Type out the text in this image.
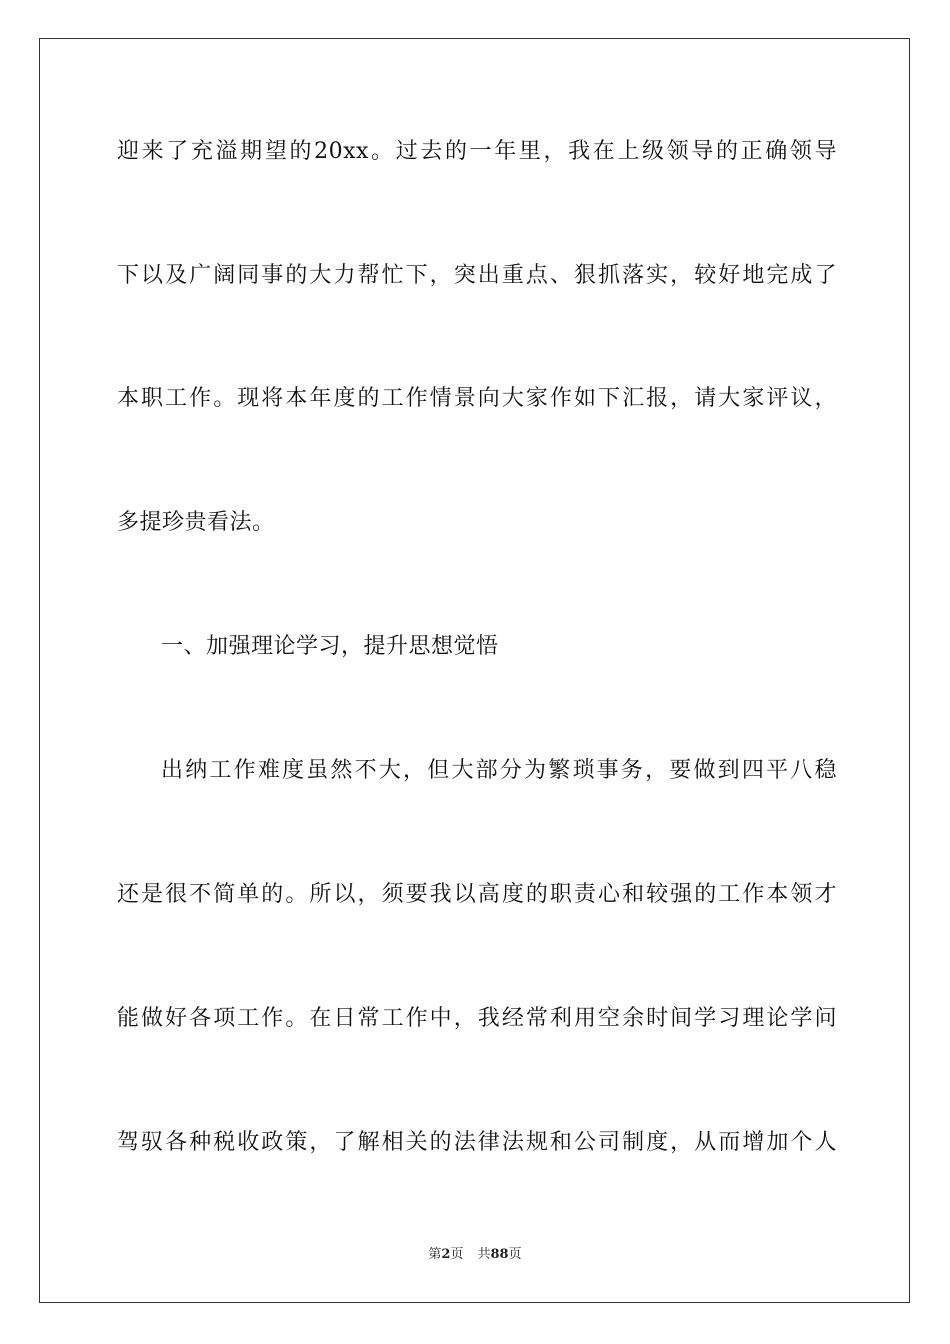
迎来了充溢期望的20xx。过去的一年里，我在上级领导的正确领导
下以及广阔同事的大力帮忙下，突出重点、狠抓落实，较好地完成了
本职工作。现将本年度的工作情景向大家作如下汇报，请大家评议，
多提珍贵看法。
一、加强理论学习，提升思想觉悟
出纳工作难度虽然不大，但大部分为繁琐事务，要做到四平八稳
还是很不简单的。所以，须要我以高度的职责心和较强的工作本领才
能做好各项工作。在日常工作中，我经常利用空余时间学习理论学问
驾驭各种税收政策，了解相关的法律法规和公司制度，从而增加个人
第2页 共88页
